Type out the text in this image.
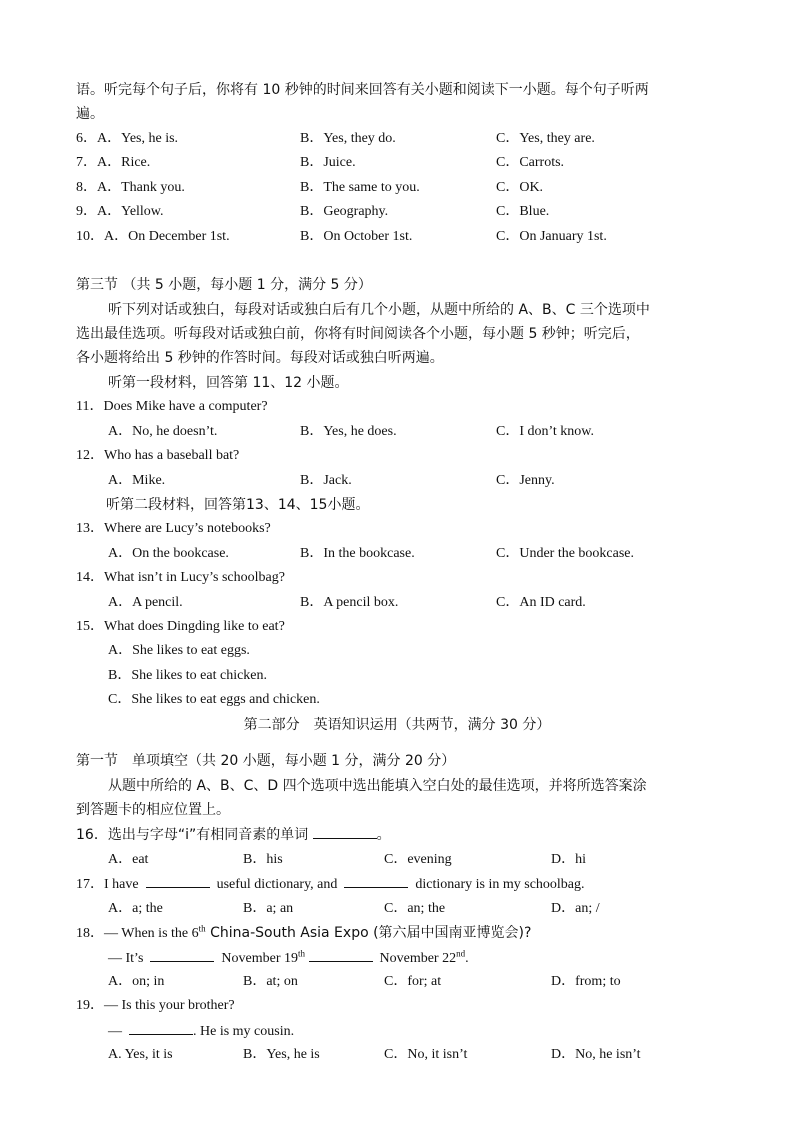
语。听完每个句子后，你将有 10 秒钟的时间来回答有关小题和阅读下一小题。每个句子听两
遍。
6．A．Yes, he is.	B．Yes, they do.	C．Yes, they are.
7．A．Rice.	B．Juice.	C．Carrots.
8．A．Thank you.	B．The same to you.	C．OK.
9．A．Yellow.	B．Geography.	C．Blue.
10．A．On December 1st.	B．On October 1st.	C．On January 1st.
第三节 （共 5 小题，每小题 1 分，满分 5 分）
听下列对话或独白，每段对话或独白后有几个小题，从题中所给的 A、B、C 三个选项中
选出最佳选项。听每段对话或独白前，你将有时间阅读各个小题，每小题 5 秒钟；听完后，
各小题将给出 5 秒钟的作答时间。每段对话或独白听两遍。
听第一段材料，回答第 11、12 小题。
11．Does Mike have a computer?
A．No, he doesn’t.	B．Yes, he does.	C．I don’t know.
12．Who has a baseball bat?
A．Mike.	B．Jack.	C．Jenny.
听第二段材料，回答第13、14、15小题。
13．Where are Lucy’s notebooks?
A．On the bookcase.	B．In the bookcase.	C．Under the bookcase.
14．What isn’t in Lucy’s schoolbag?
A．A pencil.	B．A pencil box.	C．An ID card.
15．What does Dingding like to eat?
A．She likes to eat eggs.
B．She likes to eat chicken.
C．She likes to eat eggs and chicken.
第二部分　英语知识运用（共两节，满分 30 分）
第一节　单项填空（共 20 小题，每小题 1 分，满分 20 分）
从题中所给的 A、B、C、D 四个选项中选出能填入空白处的最佳选项，并将所选答案涂
到答题卡的相应位置上。
16．选出与字母“i”有相同音素的单词	。
A．eat	B．his	C．evening	D．hi
17．I have	useful dictionary, and	dictionary is in my schoolbag.
A．a; the	B．a; an	C．an; the	D．an; /
18．— When is the 6th China-South Asia Expo (第六届中国南亚博览会)?
— It’s	November 19th	November 22nd.
A．on; in	B．at; on	C．for; at	D．from; to
19．— Is this your brother?
—	. He is my cousin.
A. Yes, it is	B．Yes, he is	C．No, it isn’t	D．No, he isn’t
